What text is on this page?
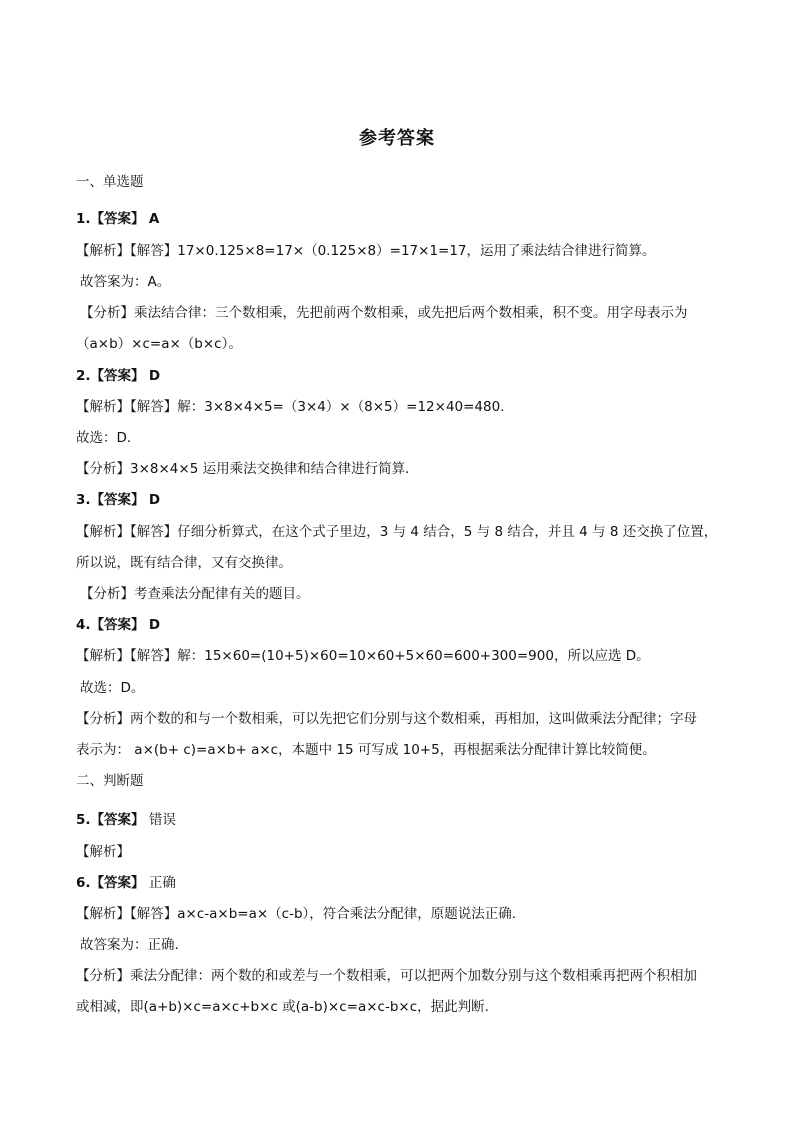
参考答案
一、单选题
1.【答案】 A
【解析】【解答】17×0.125×8=17×（0.125×8）=17×1=17，运用了乘法结合律进行简算。
故答案为：A。
【分析】乘法结合律：三个数相乘，先把前两个数相乘，或先把后两个数相乘，积不变。用字母表示为
（a×b）×c=a×（b×c）。
2.【答案】 D
【解析】【解答】解：3×8×4×5=（3×4）×（8×5）=12×40=480．
故选：D．
【分析】3×8×4×5 运用乘法交换律和结合律进行简算．
3.【答案】 D
【解析】【解答】仔细分析算式，在这个式子里边，3 与 4 结合，5 与 8 结合，并且 4 与 8 还交换了位置，
所以说，既有结合律，又有交换律。
【分析】考查乘法分配律有关的题目。
4.【答案】 D
【解析】【解答】解：15×60=(10+5)×60=10×60+5×60=600+300=900，所以应选 D。
故选：D。
【分析】两个数的和与一个数相乘，可以先把它们分别与这个数相乘，再相加，这叫做乘法分配律；字母
表示为： a×(b+ c)=a×b+ a×c，本题中 15 可写成 10+5，再根据乘法分配律计算比较简便。
二、判断题
5.【答案】 错误
【解析】
6.【答案】 正确
【解析】【解答】a×c-a×b=a×（c-b），符合乘法分配律，原题说法正确.
故答案为：正确.
【分析】乘法分配律：两个数的和或差与一个数相乘，可以把两个加数分别与这个数相乘再把两个积相加
或相减，即(a+b)×c=a×c+b×c 或(a-b)×c=a×c-b×c，据此判断.
